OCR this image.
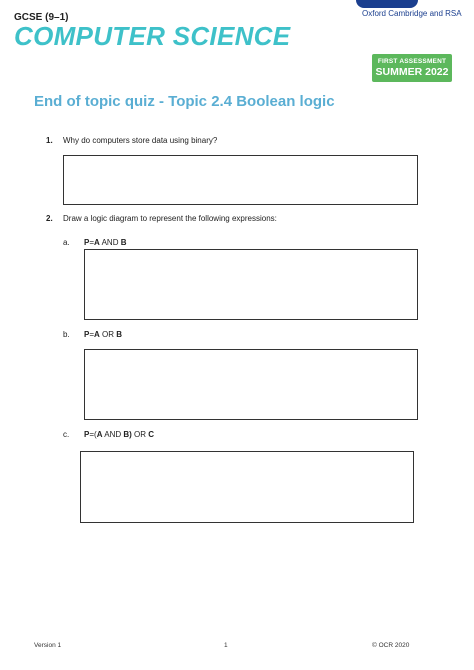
Oxford Cambridge and RSA
GCSE (9–1)
COMPUTER SCIENCE
FIRST ASSESSMENT
SUMMER 2022
End of topic quiz - Topic 2.4 Boolean logic
1. Why do computers store data using binary?
2. Draw a logic diagram to represent the following expressions:
a. P=A AND B
b. P=A OR B
c. P=(A AND B) OR C
Version 1	1	© OCR 2020
